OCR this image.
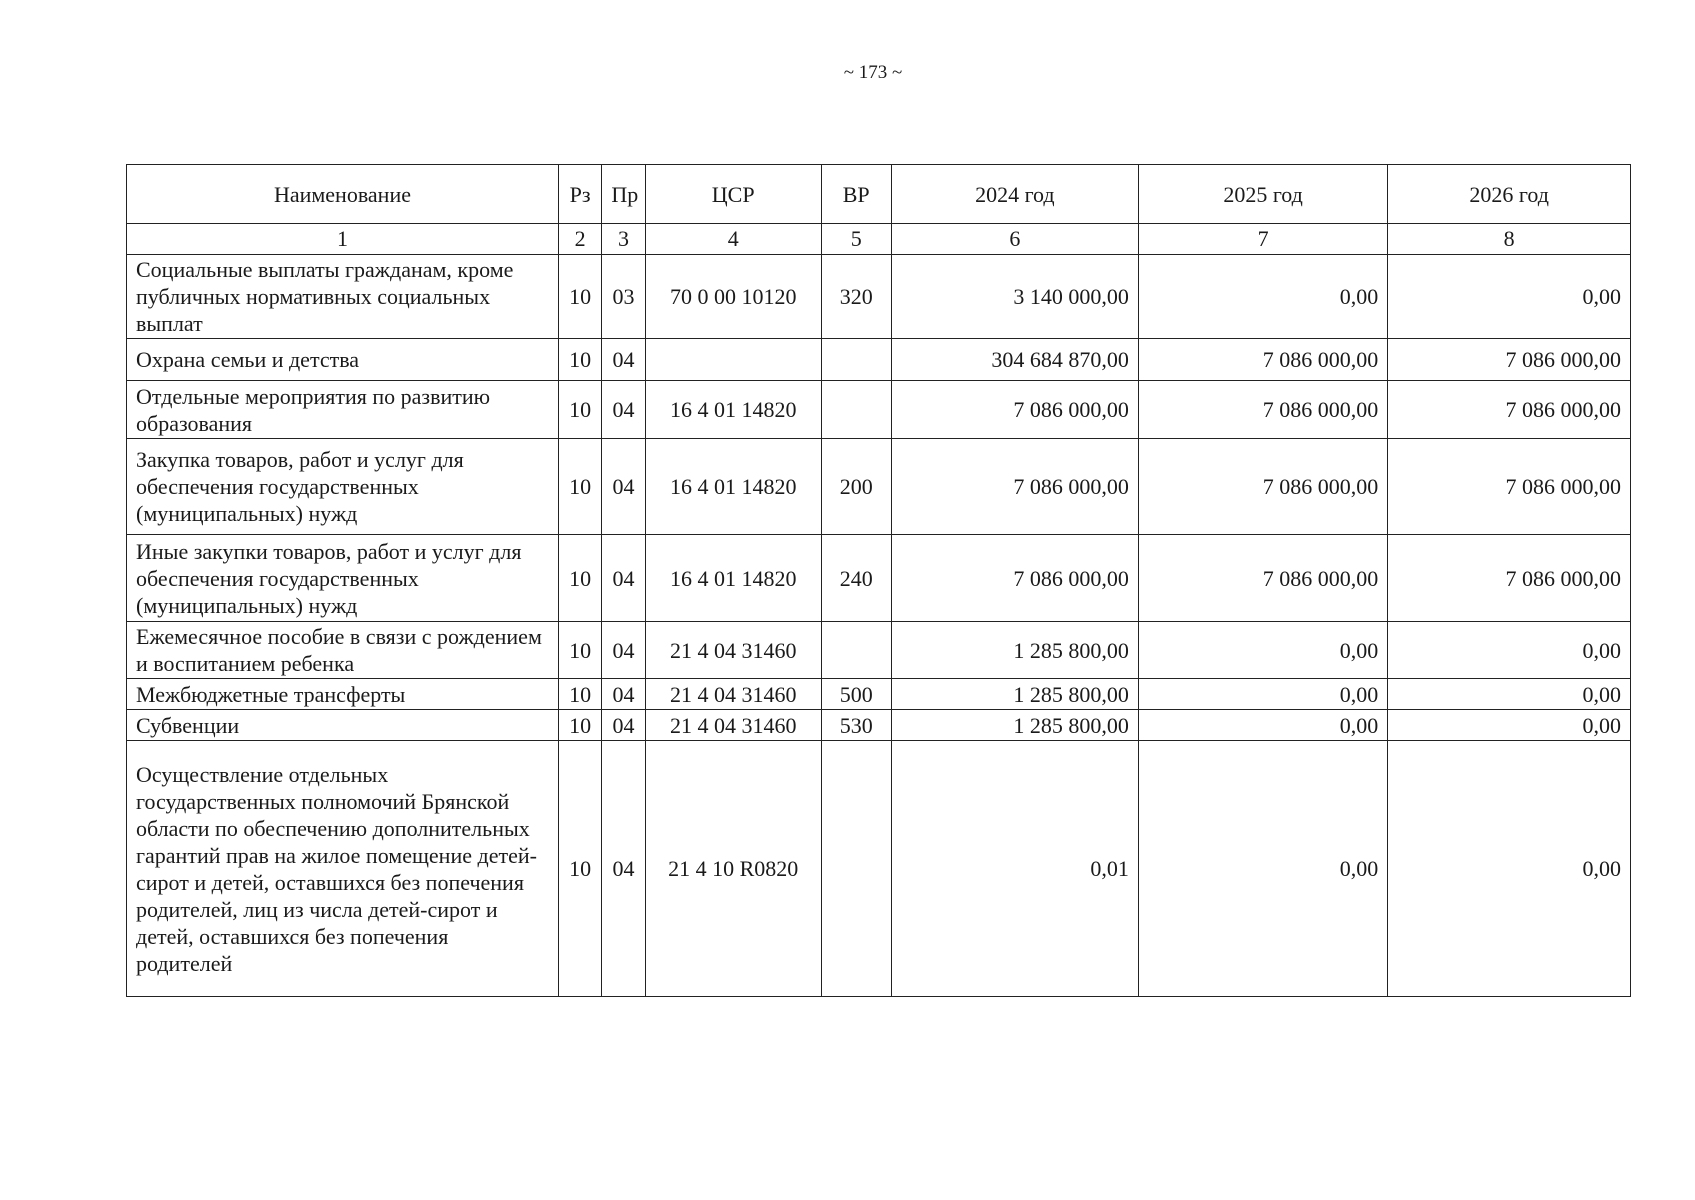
~ 173 ~
Наименование	Рз	Пр	ЦСР	ВР	2024 год	2025 год	2026 год
1	2	3	4	5	6	7	8
Социальные выплаты гражданам, кроме публичных нормативных социальных выплат	10	03	70 0 00 10120	320	3 140 000,00	0,00	0,00
Охрана семьи и детства	10	04			304 684 870,00	7 086 000,00	7 086 000,00
Отдельные мероприятия по развитию образования	10	04	16 4 01 14820		7 086 000,00	7 086 000,00	7 086 000,00
Закупка товаров, работ и услуг для обеспечения государственных (муниципальных) нужд	10	04	16 4 01 14820	200	7 086 000,00	7 086 000,00	7 086 000,00
Иные закупки товаров, работ и услуг для обеспечения государственных (муниципальных) нужд	10	04	16 4 01 14820	240	7 086 000,00	7 086 000,00	7 086 000,00
Ежемесячное пособие в связи с рождением и воспитанием ребенка	10	04	21 4 04 31460		1 285 800,00	0,00	0,00
Межбюджетные трансферты	10	04	21 4 04 31460	500	1 285 800,00	0,00	0,00
Субвенции	10	04	21 4 04 31460	530	1 285 800,00	0,00	0,00
Осуществление отдельных государственных полномочий Брянской области по обеспечению дополнительных гарантий прав на жилое помещение детей-сирот и детей, оставшихся без попечения родителей, лиц из числа детей-сирот и детей, оставшихся без попечения родителей	10	04	21 4 10 R0820		0,01	0,00	0,00
